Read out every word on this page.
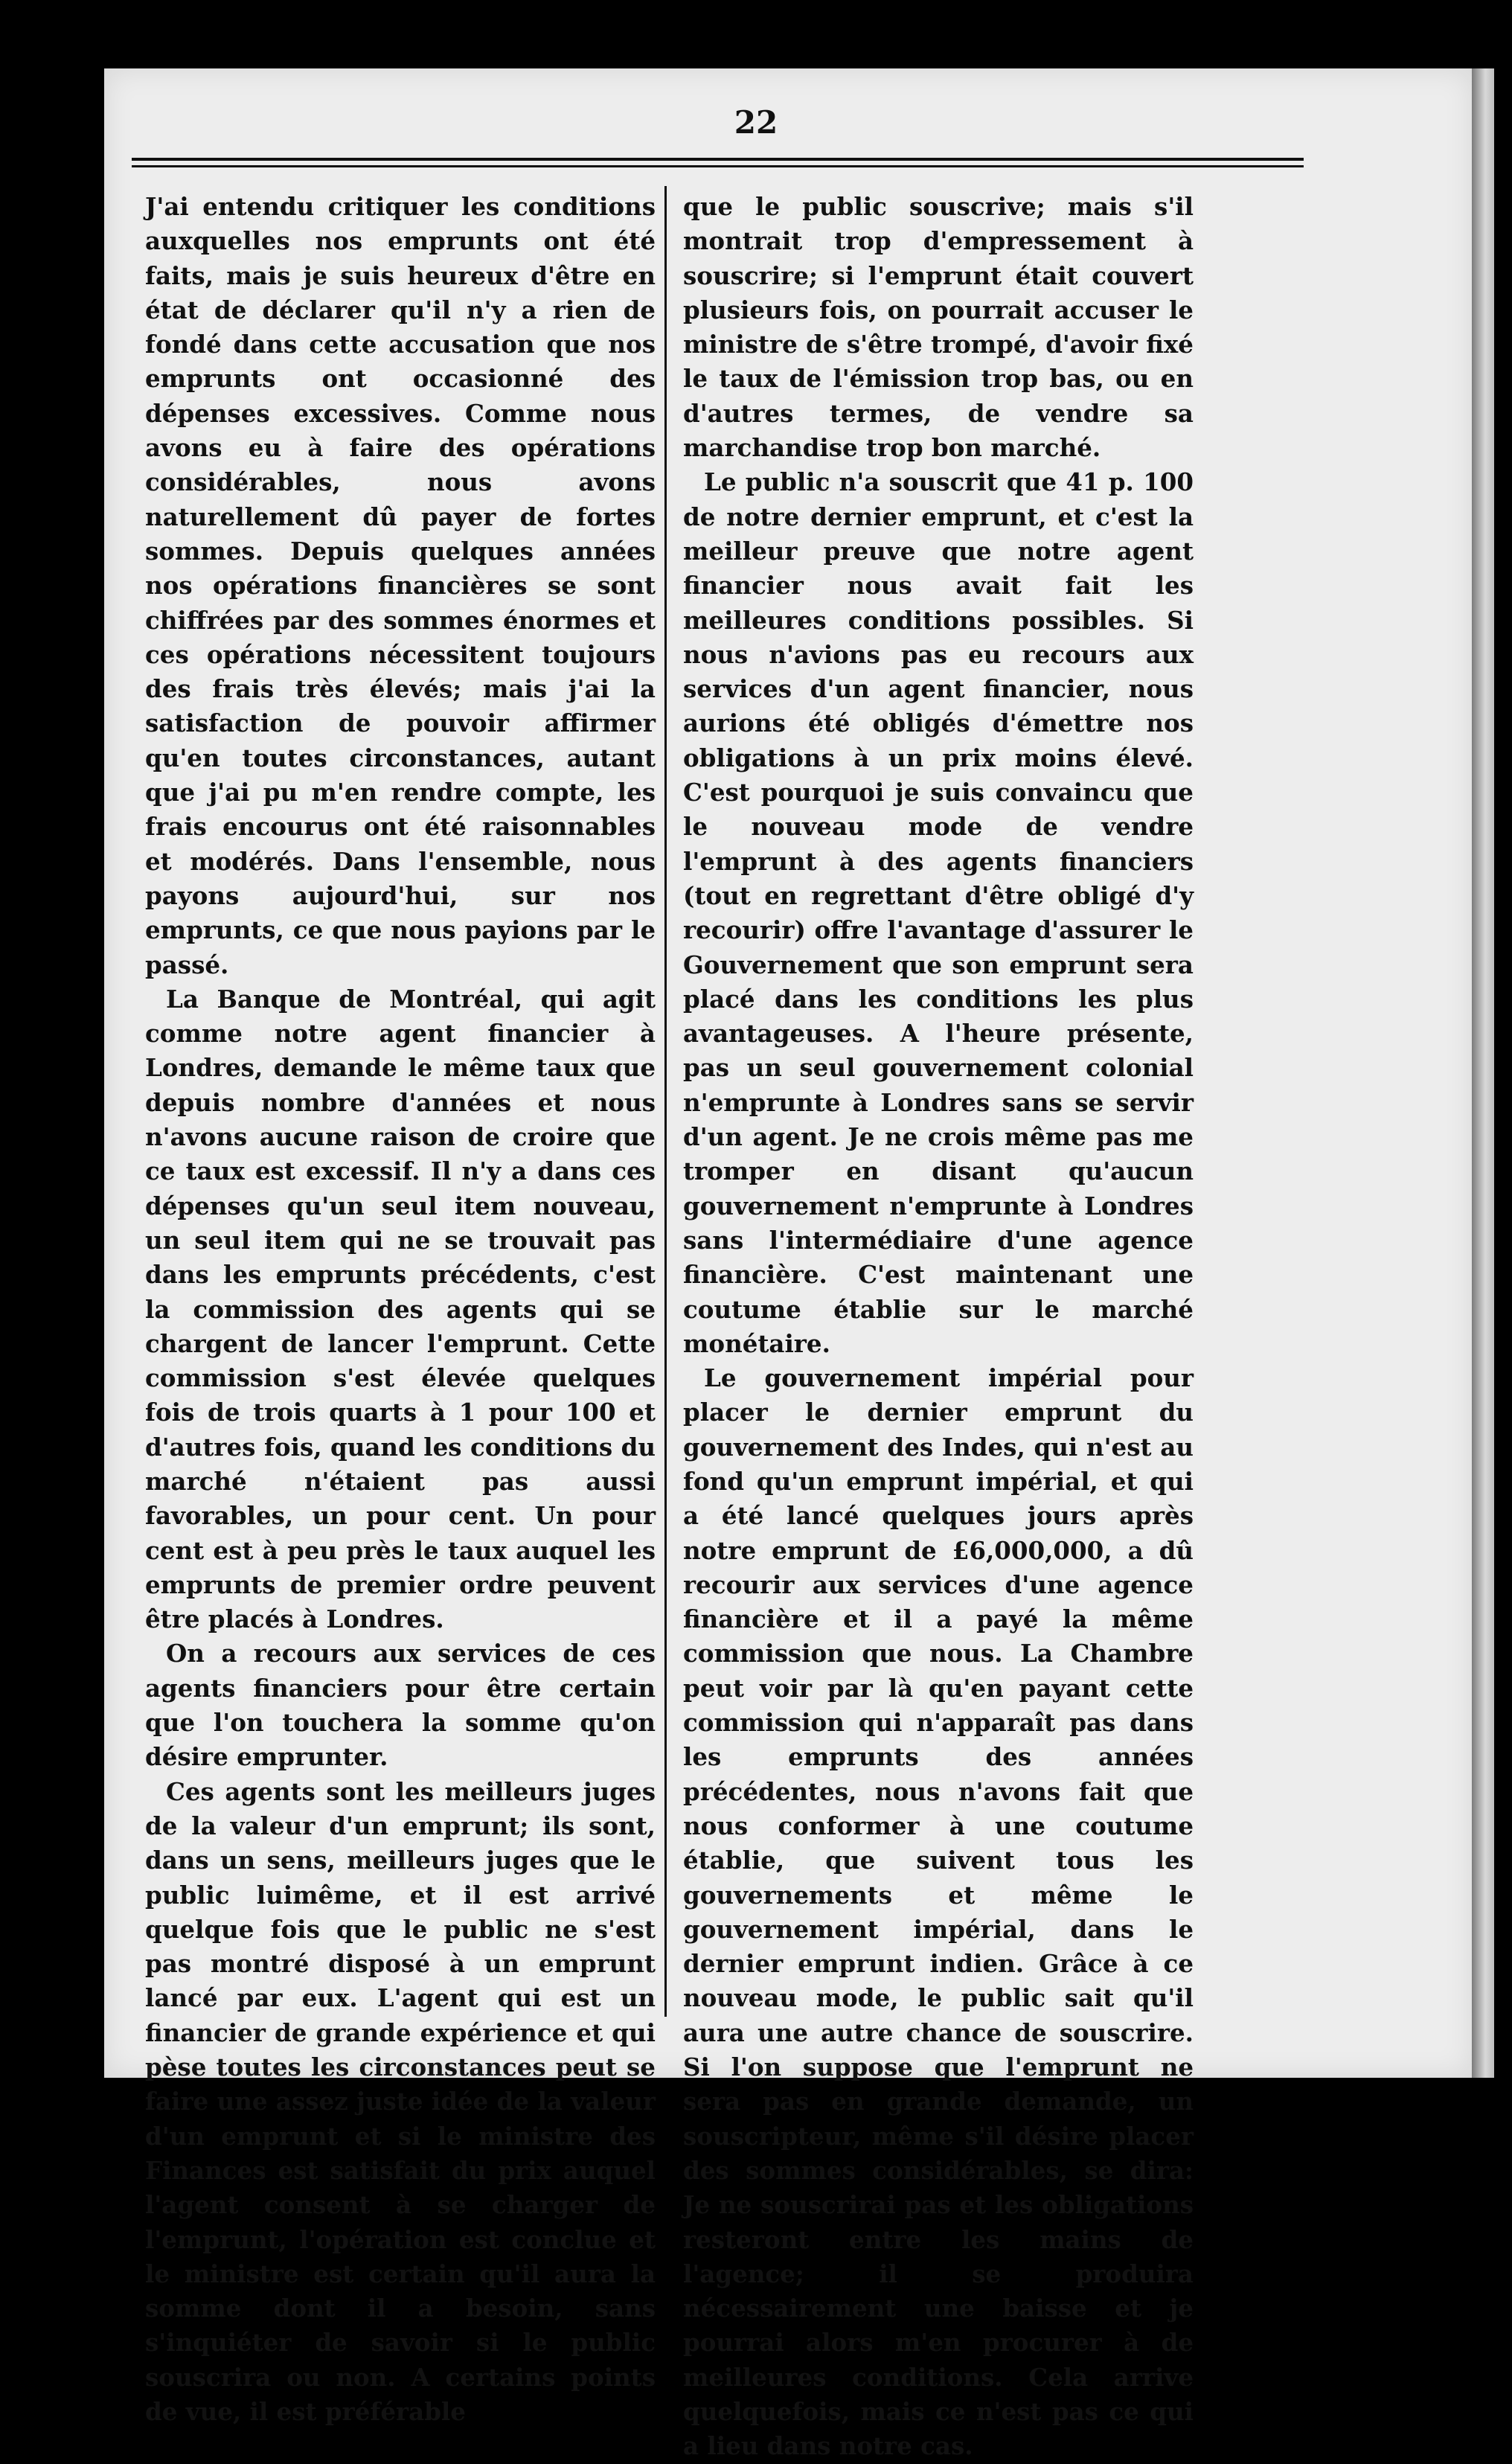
22

J'ai entendu critiquer les conditions auxquelles nos emprunts ont été faits, mais je suis heureux d'être en état de déclarer qu'il n'y a rien de fondé dans cette accusation que nos emprunts ont occasionné des dépenses excessives. Comme nous avons eu à faire des opérations considérables, nous avons naturellement dû payer de fortes sommes. Depuis quelques années nos opérations financières se sont chiffrées par des sommes énormes et ces opérations nécessitent toujours des frais très élevés; mais j'ai la satisfaction de pouvoir affirmer qu'en toutes circonstances, autant que j'ai pu m'en rendre compte, les frais encourus ont été raisonnables et modérés. Dans l'ensemble, nous payons aujourd'hui, sur nos emprunts, ce que nous payions par le passé.

La Banque de Montréal, qui agit comme notre agent financier à Londres, demande le même taux que depuis nombre d'années et nous n'avons aucune raison de croire que ce taux est excessif. Il n'y a dans ces dépenses qu'un seul item nouveau, un seul item qui ne se trouvait pas dans les emprunts précédents, c'est la commission des agents qui se chargent de lancer l'emprunt. Cette commission s'est élevée quelques fois de trois quarts à 1 pour 100 et d'autres fois, quand les conditions du marché n'étaient pas aussi favorables, un pour cent. Un pour cent est à peu près le taux auquel les emprunts de premier ordre peuvent être placés à Londres.

On a recours aux services de ces agents financiers pour être certain que l'on touchera la somme qu'on désire emprunter.

Ces agents sont les meilleurs juges de la valeur d'un emprunt; ils sont, dans un sens, meilleurs juges que le public luimême, et il est arrivé quelque fois que le public ne s'est pas montré disposé à un emprunt lancé par eux. L'agent qui est un financier de grande expérience et qui pèse toutes les circonstances peut se faire une assez juste idée de la valeur d'un emprunt et si le ministre des Finances est satisfait du prix auquel l'agent consent à se charger de l'emprunt, l'opération est conclue et le ministre est certain qu'il aura la somme dont il a besoin, sans s'inquiéter de savoir si le public souscrira ou non. A certains points de vue, il est préférable

que le public souscrive; mais s'il montrait trop d'empressement à souscrire; si l'emprunt était couvert plusieurs fois, on pourrait accuser le ministre de s'être trompé, d'avoir fixé le taux de l'émission trop bas, ou en d'autres termes, de vendre sa marchandise trop bon marché.

Le public n'a souscrit que 41 p. 100 de notre dernier emprunt, et c'est la meilleur preuve que notre agent financier nous avait fait les meilleures conditions possibles. Si nous n'avions pas eu recours aux services d'un agent financier, nous aurions été obligés d'émettre nos obligations à un prix moins élevé. C'est pourquoi je suis convaincu que le nouveau mode de vendre l'emprunt à des agents financiers (tout en regrettant d'être obligé d'y recourir) offre l'avantage d'assurer le Gouvernement que son emprunt sera placé dans les conditions les plus avantageuses. A l'heure présente, pas un seul gouvernement colonial n'emprunte à Londres sans se servir d'un agent. Je ne crois même pas me tromper en disant qu'aucun gouvernement n'emprunte à Londres sans l'intermédiaire d'une agence financière. C'est maintenant une coutume établie sur le marché monétaire.

Le gouvernement impérial pour placer le dernier emprunt du gouvernement des Indes, qui n'est au fond qu'un emprunt impérial, et qui a été lancé quelques jours après notre emprunt de £6,000,000, a dû recourir aux services d'une agence financière et il a payé la même commission que nous. La Chambre peut voir par là qu'en payant cette commission qui n'apparaît pas dans les emprunts des années précédentes, nous n'avons fait que nous conformer à une coutume établie, que suivent tous les gouvernements et même le gouvernement impérial, dans le dernier emprunt indien. Grâce à ce nouveau mode, le public sait qu'il aura une autre chance de souscrire. Si l'on suppose que l'emprunt ne sera pas en grande demande, un souscripteur, même s'il désire placer des sommes considérables, se dira: Je ne souscrirai pas et les obligations resteront entre les mains de l'agence; il se produira nécessairement une baisse et je pourrai alors m'en procurer à de meilleures conditions. Cela arrive quelquefois, mais ce n'est pas ce qui a lieu dans notre cas.
